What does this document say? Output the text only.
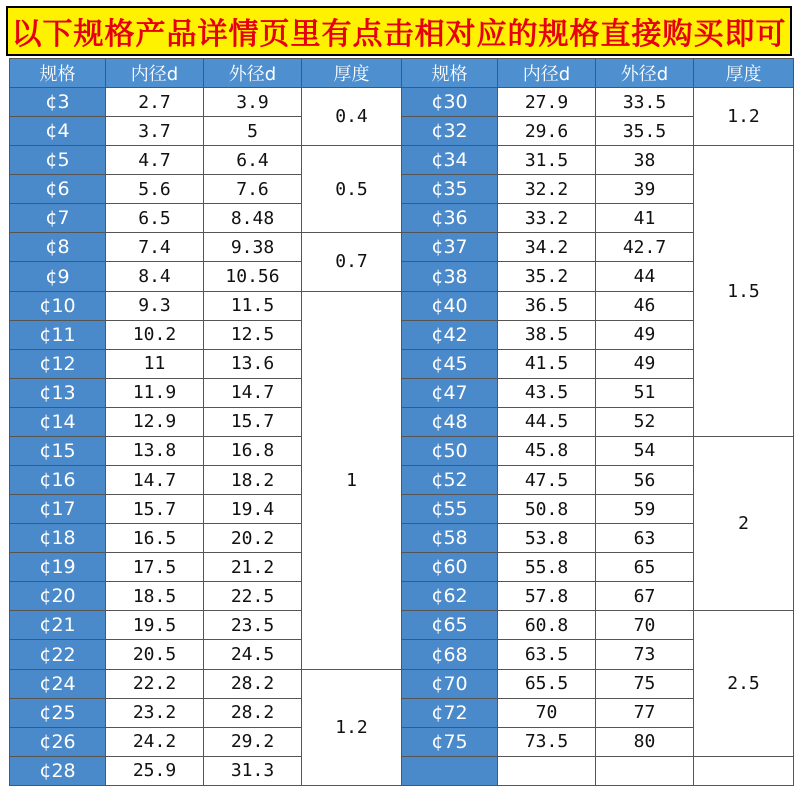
以下规格产品详情页里有点击相对应的规格直接购买即可
规格	内径d	外径d	厚度	规格	内径d	外径d	厚度
¢3	2.7	3.9	0.4	¢30	27.9	33.5	1.2
¢4	3.7	5		¢32	29.6	35.5	
¢5	4.7	6.4	0.5	¢34	31.5	38	1.5
¢6	5.6	7.6		¢35	32.2	39	
¢7	6.5	8.48		¢36	33.2	41	
¢8	7.4	9.38	0.7	¢37	34.2	42.7	
¢9	8.4	10.56		¢38	35.2	44	
¢10	9.3	11.5	1	¢40	36.5	46	
¢11	10.2	12.5		¢42	38.5	49	
¢12	11	13.6		¢45	41.5	49	
¢13	11.9	14.7		¢47	43.5	51	
¢14	12.9	15.7		¢48	44.5	52	
¢15	13.8	16.8		¢50	45.8	54	2
¢16	14.7	18.2		¢52	47.5	56	
¢17	15.7	19.4		¢55	50.8	59	
¢18	16.5	20.2		¢58	53.8	63	
¢19	17.5	21.2		¢60	55.8	65	
¢20	18.5	22.5		¢62	57.8	67	
¢21	19.5	23.5		¢65	60.8	70	2.5
¢22	20.5	24.5		¢68	63.5	73	
¢24	22.2	28.2	1.2	¢70	65.5	75	
¢25	23.2	28.2		¢72	70	77	
¢26	24.2	29.2		¢75	73.5	80	
¢28	25.9	31.3					
